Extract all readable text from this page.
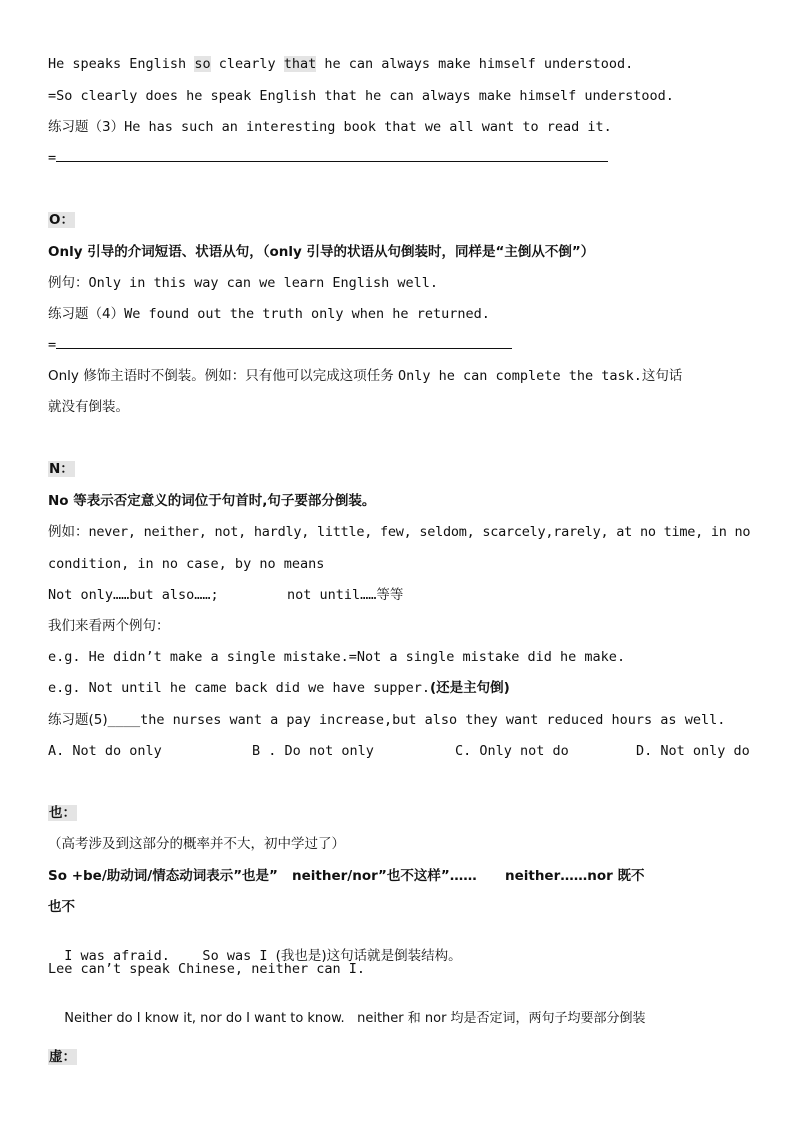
He speaks English so clearly that he can always make himself understood.
=So clearly does he speak English that he can always make himself understood.
练习题（3）He has such an interesting book that we all want to read it.
=
O：
Only 引导的介词短语、状语从句，（only 引导的状语从句倒装时，同样是“主倒从不倒”）
例句：Only in this way can we learn English well.
练习题（4）We found out the truth only when he returned.
=
Only 修饰主语时不倒装。例如：只有他可以完成这项任务 Only he can complete the task.这句话
就没有倒装。
N：
No 等表示否定意义的词位于句首时,句子要部分倒装。
例如：never, neither, not, hardly, little, few, seldom, scarcely,rarely, at no time, in no
condition, in no case, by no means
Not only……but also……;	not until……等等
我们来看两个例句：
e.g. He didn’t make a single mistake.=Not a single mistake did he make.
e.g. Not until he came back did we have supper.(还是主句倒)
练习题(5)____the nurses want a pay increase,but also they want reduced hours as well.
A. Not do only	B . Do not only	C. Only not do	D. Not only do
也：
（高考涉及到这部分的概率并不大，初中学过了）
So +be/助动词/情态动词表示”也是”   neither/nor”也不这样”……      neither……nor 既不
也不

I was afraid.    So was I (我也是)这句话就是倒装结构。

Lee can’t speak Chinese, neither can I.

Neither do I know it, nor do I want to know.   neither 和 nor 均是否定词，两句子均要部分倒装

虚：
